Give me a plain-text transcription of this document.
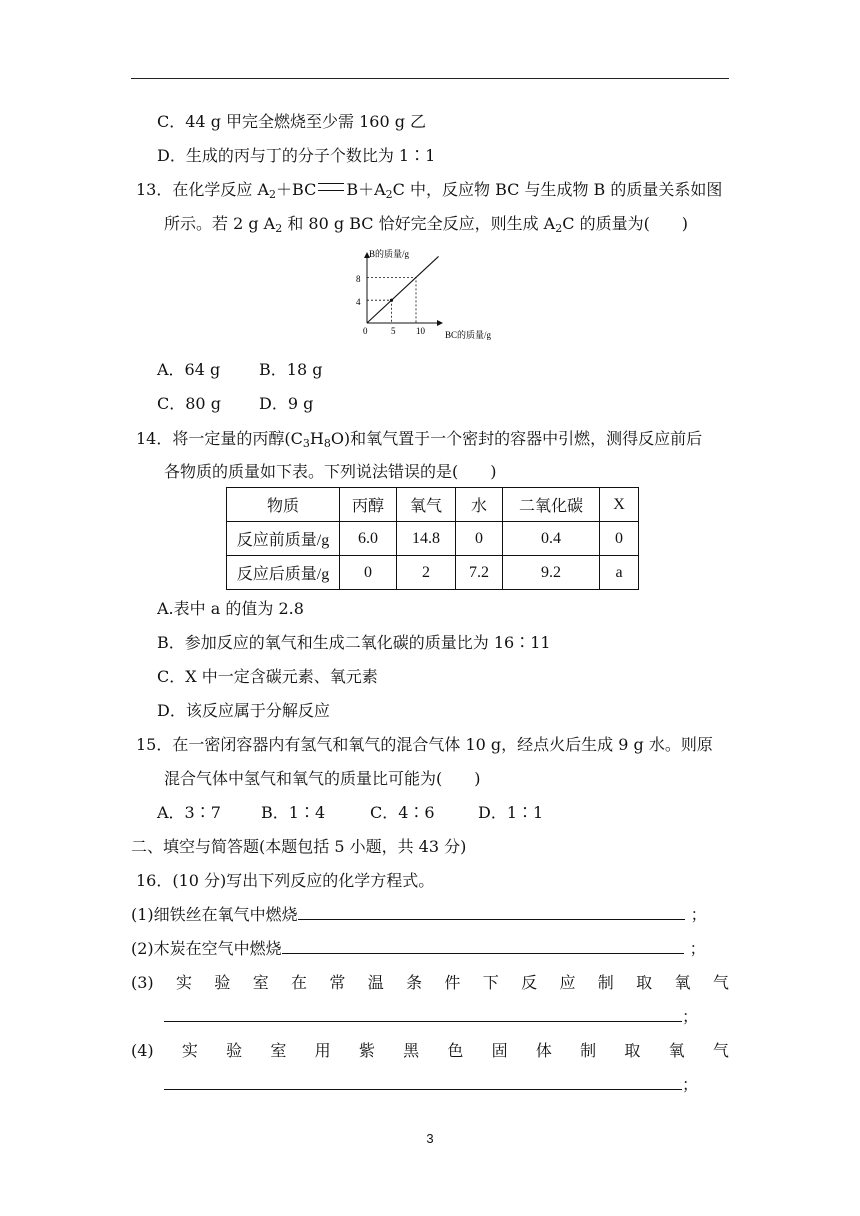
C．44 g 甲完全燃烧至少需 160 g 乙
D．生成的丙与丁的分子个数比为 1∶1
13．在化学反应 $A_2+BC$ $B+A_2C$ 中，反应物 BC 与生成物 B 的质量关系如图
所示。若 2 g $A_2$ 和 80 g BC 恰好完全反应，则生成 $A_2C$ 的质量为(　　)
B的质量/g
BC的质量/g
0	5 10
4
8
A．64 g B．18 g
C．80 g D．9 g
14．将一定量的丙醇$(C_3H_8O)$和氧气置于一个密封的容器中引燃，测得反应前后
各物质的质量如下表。下列说法错误的是(　　)
物质	丙醇	氧气	水	二氧化碳	X
反应前质量/g	6.0	14.8	0	0.4	0
反应后质量/g	0	2	7.2	9.2	a
A.表中 a 的值为 2.8
B．参加反应的氧气和生成二氧化碳的质量比为 16∶11
C．X 中一定含碳元素、氧元素
D．该反应属于分解反应
15．在一密闭容器内有氢气和氧气的混合气体 10 g，经点火后生成 9 g 水。则原
混合气体中氢气和氧气的质量比可能为(　　)
A．3∶7	B．1∶4	C．4∶6	D．1∶1
二、填空与简答题(本题包括 5 小题，共 43 分)
16．(10 分)写出下列反应的化学方程式。
(1)细铁丝在氧气中燃烧	；
(2)木炭在空气中燃烧	；
(3) 实 验 室 在 常 温 条 件 下 反 应 制 取 氧 气
；
(4) 实 验 室 用 紫 黑 色 固 体 制 取 氧 气
；
3
